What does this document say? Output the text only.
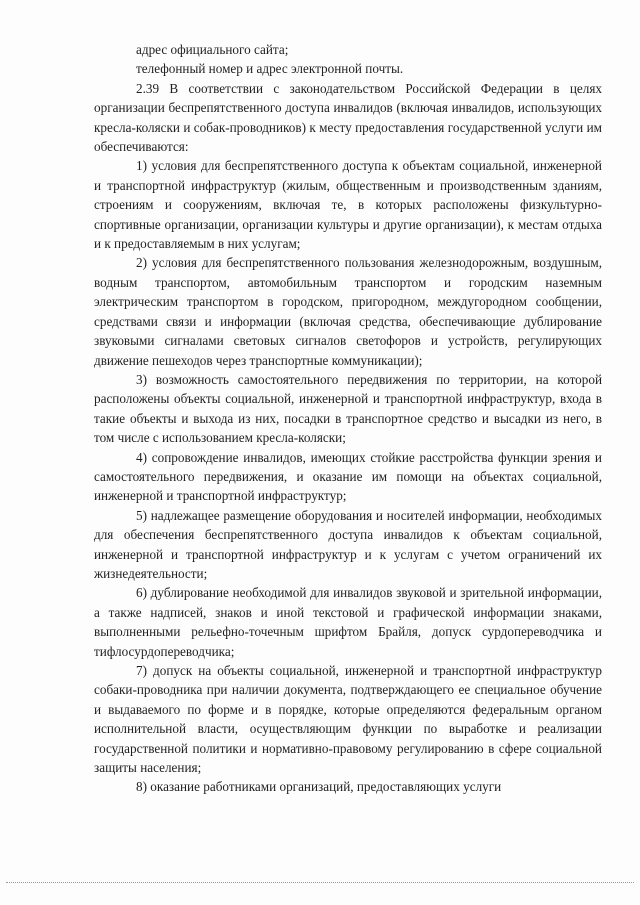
адрес официального сайта;

телефонный номер и адрес электронной почты.

2.39 В соответствии с законодательством Российской Федерации в целях организации беспрепятственного доступа инвалидов (включая инвалидов, использующих кресла-коляски и собак-проводников) к месту предоставления государственной услуги им обеспечиваются:

1) условия для беспрепятственного доступа к объектам социальной, инженерной и транспортной инфраструктур (жилым, общественным и производственным зданиям, строениям и сооружениям, включая те, в которых расположены физкультурно-спортивные организации, организации культуры и другие организации), к местам отдыха и к предоставляемым в них услугам;

2) условия для беспрепятственного пользования железнодорожным, воздушным, водным транспортом, автомобильным транспортом и городским наземным электрическим транспортом в городском, пригородном, междугородном сообщении, средствами связи и информации (включая средства, обеспечивающие дублирование звуковыми сигналами световых сигналов светофоров и устройств, регулирующих движение пешеходов через транспортные коммуникации);

3) возможность самостоятельного передвижения по территории, на которой расположены объекты социальной, инженерной и транспортной инфраструктур, входа в такие объекты и выхода из них, посадки в транспортное средство и высадки из него, в том числе с использованием кресла-коляски;

4) сопровождение инвалидов, имеющих стойкие расстройства функции зрения и самостоятельного передвижения, и оказание им помощи на объектах социальной, инженерной и транспортной инфраструктур;

5) надлежащее размещение оборудования и носителей информации, необходимых для обеспечения беспрепятственного доступа инвалидов к объектам социальной, инженерной и транспортной инфраструктур и к услугам с учетом ограничений их жизнедеятельности;

6) дублирование необходимой для инвалидов звуковой и зрительной информации, а также надписей, знаков и иной текстовой и графической информации знаками, выполненными рельефно-точечным шрифтом Брайля, допуск сурдопереводчика и тифлосурдопереводчика;

7) допуск на объекты социальной, инженерной и транспортной инфраструктур собаки-проводника при наличии документа, подтверждающего ее специальное обучение и выдаваемого по форме и в порядке, которые определяются федеральным органом исполнительной власти, осуществляющим функции по выработке и реализации государственной политики и нормативно-правовому регулированию в сфере социальной защиты населения;

8) оказание работниками организаций, предоставляющих услуги
